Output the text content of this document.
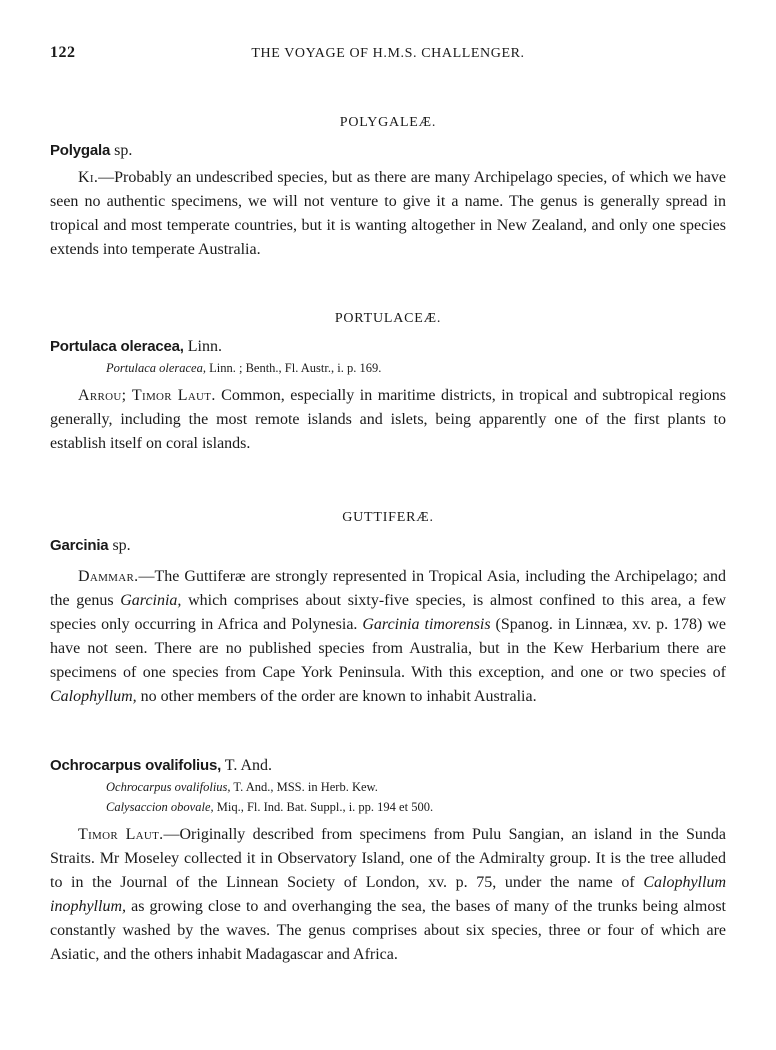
122	THE VOYAGE OF H.M.S. CHALLENGER.

POLYGALEÆ.

Polygala sp.

Ki.—Probably an undescribed species, but as there are many Archipelago species, of which we have seen no authentic specimens, we will not venture to give it a name. The genus is generally spread in tropical and most temperate countries, but it is wanting altogether in New Zealand, and only one species extends into temperate Australia.

PORTULACEÆ.

Portulaca oleracea, Linn.

Portulaca oleracea, Linn. ; Benth., Fl. Austr., i. p. 169.

Arrou; Timor Laut. Common, especially in maritime districts, in tropical and subtropical regions generally, including the most remote islands and islets, being apparently one of the first plants to establish itself on coral islands.

GUTTIFERÆ.

Garcinia sp.

Dammar.—The Guttiferæ are strongly represented in Tropical Asia, including the Archipelago; and the genus Garcinia, which comprises about sixty-five species, is almost confined to this area, a few species only occurring in Africa and Polynesia. Garcinia timorensis (Spanog. in Linnæa, xv. p. 178) we have not seen. There are no published species from Australia, but in the Kew Herbarium there are specimens of one species from Cape York Peninsula. With this exception, and one or two species of Calophyllum, no other members of the order are known to inhabit Australia.

Ochrocarpus ovalifolius, T. And.

Ochrocarpus ovalifolius, T. And., MSS. in Herb. Kew.

Calysaccion obovale, Miq., Fl. Ind. Bat. Suppl., i. pp. 194 et 500.

Timor Laut.—Originally described from specimens from Pulu Sangian, an island in the Sunda Straits. Mr Moseley collected it in Observatory Island, one of the Admiralty group. It is the tree alluded to in the Journal of the Linnean Society of London, xv. p. 75, under the name of Calophyllum inophyllum, as growing close to and overhanging the sea, the bases of many of the trunks being almost constantly washed by the waves. The genus comprises about six species, three or four of which are Asiatic, and the others inhabit Madagascar and Africa.
